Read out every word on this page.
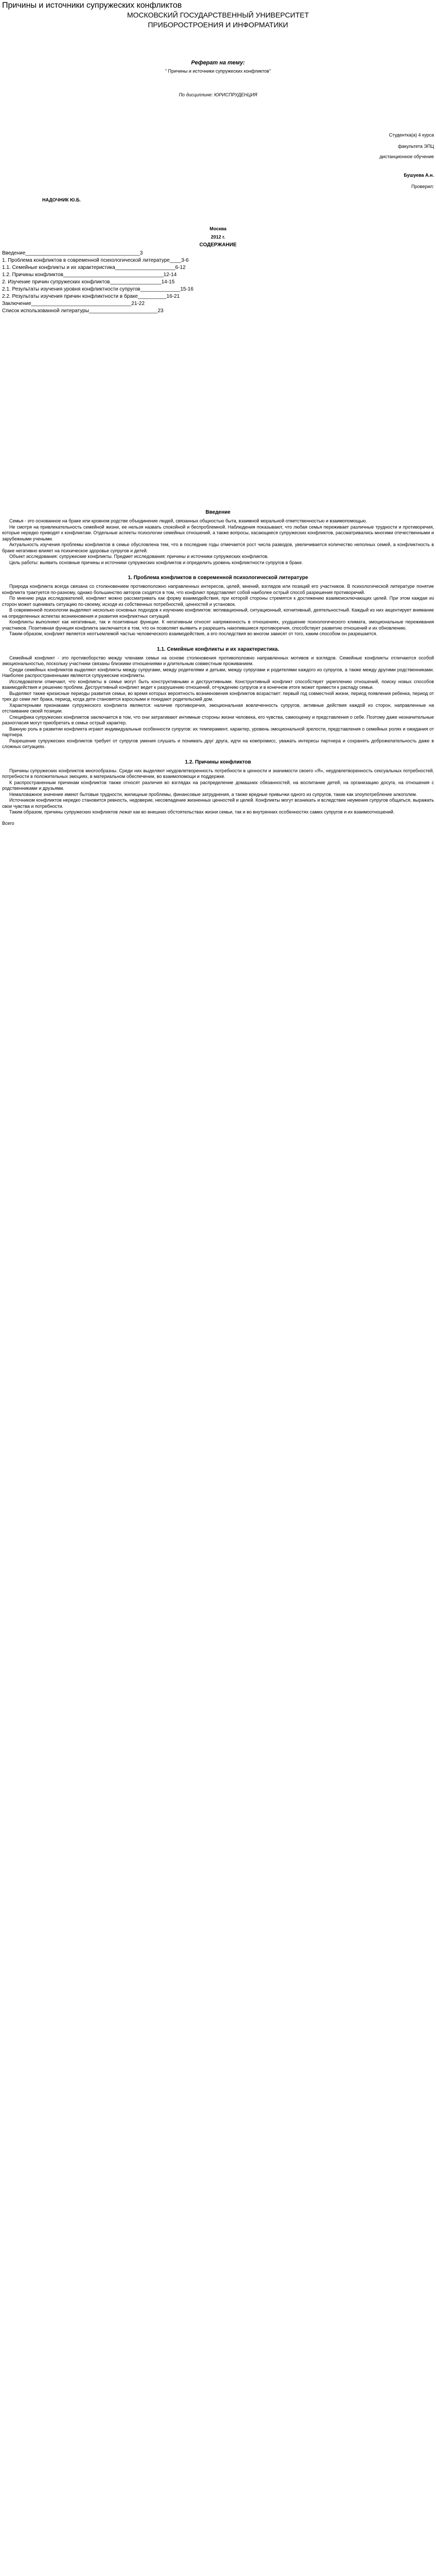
Причины и источники супружеских конфликтов
МОСКОВСКИЙ ГОСУДАРСТВЕННЫЙ УНИВЕРСИТЕТ
ПРИБОРОСТРОЕНИЯ И ИНФОРМАТИКИ
Реферат на тему:
" Причины и источники супружеских конфликтов"
По дисциплине: ЮРИСПРУДЕНЦИЯ
Студентка(а) 4 курса
факультета ЭПЦ
дистанционное обучение
Бушуева А.н.
Проверил:
НАДОЧНИК Ю.Б.
Москва
2012 г.
СОДЕРЖАНИЕ

Введение________________________________________3

1. Проблема конфликтов в современной психологической литературе____3-6

1.1. Семейные конфликты и их характеристика_____________________6-12

1.2. Причины конфликтов___________________________________12-14

2. Изучение причин супружеских конфликтов__________________14-15

2.1. Результаты изучения уровня конфликтности супругов______________15-16

2.2. Результаты изучения причин конфликтности в браке__________16-21

Заключение___________________________________21-22

Список использованной литературы________________________23

Введение

Семья - это основанное на браке или кровном родстве объединение людей, связанных общностью быта, взаимной моральной ответственностью и взаимопомощью.

Не смотря на привлекательность семейной жизни, ее нельзя назвать спокойной и беспроблемной. Наблюдения показывают, что любая семья переживает различные трудности и противоречия, которые нередко приводят к конфликтам. Отдельные аспекты психологии семейных отношений, а также вопросы, касающиеся супружеских конфликтов, рассматривались многими отечественными и зарубежными учеными.

Актуальность изучения проблемы конфликтов в семье обусловлена тем, что в последние годы отмечается рост числа разводов, увеличивается количество неполных семей, а конфликтность в браке негативно влияет на психическое здоровье супругов и детей.

Объект исследования: супружеские конфликты. Предмет исследования: причины и источники супружеских конфликтов.

Цель работы: выявить основные причины и источники супружеских конфликтов и определить уровень конфликтности супругов в браке.

1. Проблема конфликтов в современной психологической литературе

Природа конфликта всегда связана со столкновением противоположно направленных интересов, целей, мнений, взглядов или позиций его участников. В психологической литературе понятие конфликта трактуется по-разному, однако большинство авторов сходятся в том, что конфликт представляет собой наиболее острый способ разрешения противоречий.

По мнению ряда исследователей, конфликт можно рассматривать как форму взаимодействия, при которой стороны стремятся к достижению взаимоисключающих целей. При этом каждая из сторон может оценивать ситуацию по-своему, исходя из собственных потребностей, ценностей и установок.

В современной психологии выделяют несколько основных подходов к изучению конфликтов: мотивационный, ситуационный, когнитивный, деятельностный. Каждый из них акцентирует внимание на определенных аспектах возникновения и развития конфликтных ситуаций.

Конфликты выполняют как негативные, так и позитивные функции. К негативным относят напряженность в отношениях, ухудшение психологического климата, эмоциональные переживания участников. Позитивная функция конфликта заключается в том, что он позволяет выявить и разрешить накопившиеся противоречия, способствует развитию отношений и их обновлению.

Таким образом, конфликт является неотъемлемой частью человеческого взаимодействия, а его последствия во многом зависят от того, каким способом он разрешается.

1.1. Семейные конфликты и их характеристика.

Семейный конфликт - это противоборство между членами семьи на основе столкновения противоположно направленных мотивов и взглядов. Семейные конфликты отличаются особой эмоциональностью, поскольку участники связаны близкими отношениями и длительным совместным проживанием.

Среди семейных конфликтов выделяют конфликты между супругами, между родителями и детьми, между супругами и родителями каждого из супругов, а также между другими родственниками. Наиболее распространенными являются супружеские конфликты.

Исследователи отмечают, что конфликты в семье могут быть конструктивными и деструктивными. Конструктивный конфликт способствует укреплению отношений, поиску новых способов взаимодействия и решению проблем. Деструктивный конфликт ведет к разрушению отношений, отчуждению супругов и в конечном итоге может привести к распаду семьи.

Выделяют также кризисные периоды развития семьи, во время которых вероятность возникновения конфликтов возрастает: первый год совместной жизни, период появления ребенка, период от трех до семи лет брака, период, когда дети становятся взрослыми и покидают родительский дом.

Характерными признаками супружеского конфликта являются: наличие противоречия, эмоциональная вовлеченность супругов, активные действия каждой из сторон, направленные на отстаивание своей позиции.

Специфика супружеских конфликтов заключается в том, что они затрагивают интимные стороны жизни человека, его чувства, самооценку и представления о себе. Поэтому даже незначительные разногласия могут приобретать в семье острый характер.

Важную роль в развитии конфликта играют индивидуальные особенности супругов: их темперамент, характер, уровень эмоциональной зрелости, представления о семейных ролях и ожидания от партнера.

Разрешение супружеских конфликтов требует от супругов умения слушать и понимать друг друга, идти на компромисс, уважать интересы партнера и сохранять доброжелательность даже в сложных ситуациях.

1.2. Причины конфликтов

Причины супружеских конфликтов многообразны. Среди них выделяют неудовлетворенность потребности в ценности и значимости своего «Я», неудовлетворенность сексуальных потребностей, потребности в положительных эмоциях, в материальном обеспечении, во взаимопомощи и поддержке.

К распространенным причинам конфликтов также относят различия во взглядах на распределение домашних обязанностей, на воспитание детей, на организацию досуга, на отношения с родственниками и друзьями.

Немаловажное значение имеют бытовые трудности, жилищные проблемы, финансовые затруднения, а также вредные привычки одного из супругов, такие как злоупотребление алкоголем.

Источником конфликтов нередко становится ревность, недоверие, несовпадение жизненных ценностей и целей. Конфликты могут возникать и вследствие неумения супругов общаться, выражать свои чувства и потребности.

Таким образом, причины супружеских конфликтов лежат как во внешних обстоятельствах жизни семьи, так и во внутренних особенностях самих супругов и их взаимоотношений.

Всего
